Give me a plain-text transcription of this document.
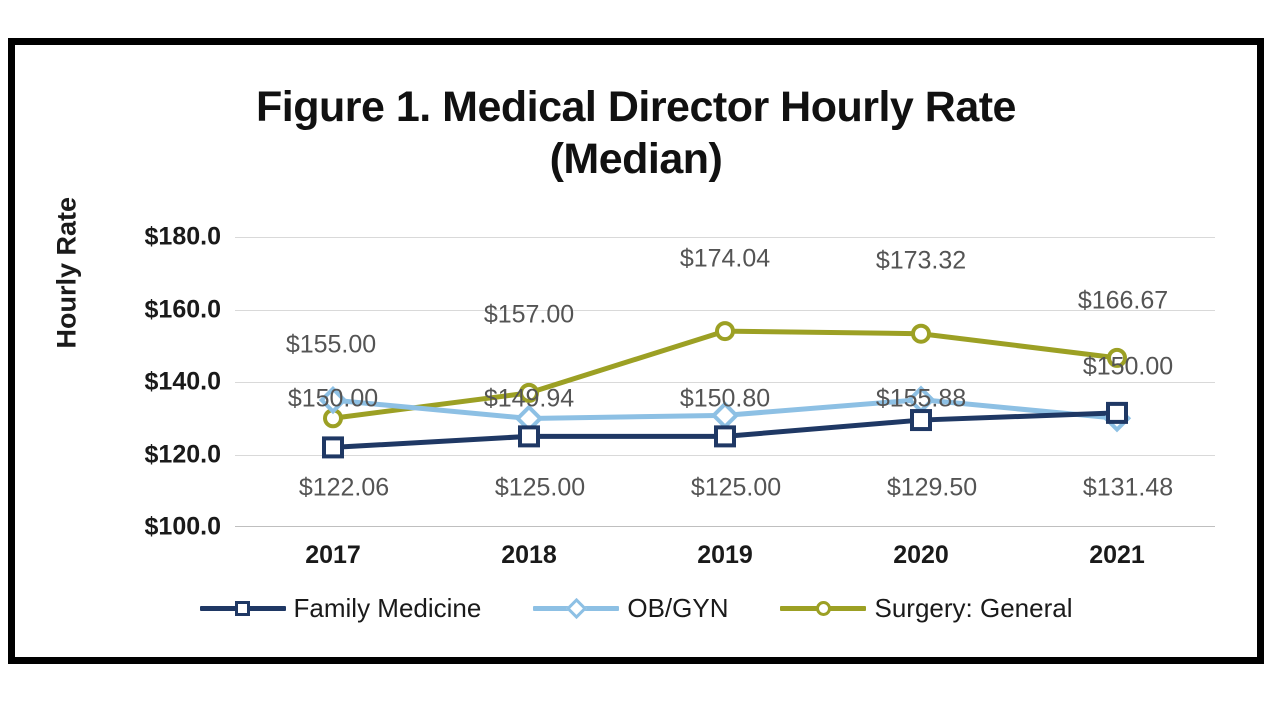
Figure 1. Medical Director Hourly Rate
(Median)
Hourly Rate
$100.0
$120.0
$140.0
$160.0
$180.0
2017	2018	2019	2020	2021
$150.00
$157.00
$174.04	$173.32
$166.67
$155.00
$149.94	$150.80	$155.88
$150.00
$122.06	$125.00	$125.00	$129.50	$131.48
Family Medicine	OB/GYN	Surgery: General
